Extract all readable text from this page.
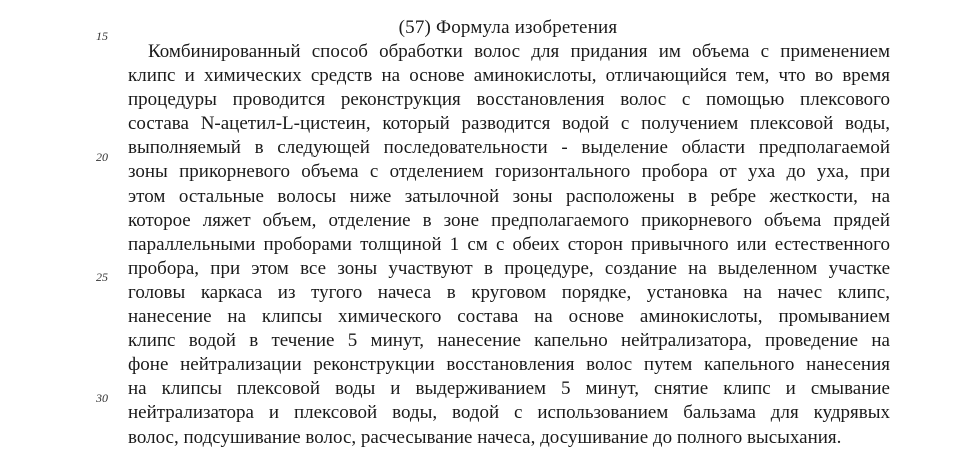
15
20
25
30
(57) Формула изобретения
Комбинированный способ обработки волос для придания им объема с применением
клипс и химических средств на основе аминокислоты, отличающийся тем, что во время
процедуры проводится реконструкция восстановления волос с помощью плексового
состава N-ацетил-L-цистеин, который разводится водой с получением плексовой воды,
выполняемый в следующей последовательности - выделение области предполагаемой
зоны прикорневого объема с отделением горизонтального пробора от уха до уха, при
этом остальные волосы ниже затылочной зоны расположены в ребре жесткости, на
которое ляжет объем, отделение в зоне предполагаемого прикорневого объема прядей
параллельными проборами толщиной 1 см с обеих сторон привычного или естественного
пробора, при этом все зоны участвуют в процедуре, создание на выделенном участке
головы каркаса из тугого начеса в круговом порядке, установка на начес клипс,
нанесение на клипсы химического состава на основе аминокислоты, промыванием
клипс водой в течение 5 минут, нанесение капельно нейтрализатора, проведение на
фоне нейтрализации реконструкции восстановления волос путем капельного нанесения
на клипсы плексовой воды и выдерживанием 5 минут, снятие клипс и смывание
нейтрализатора и плексовой воды, водой с использованием бальзама для кудрявых
волос, подсушивание волос, расчесывание начеса, досушивание до полного высыхания.
